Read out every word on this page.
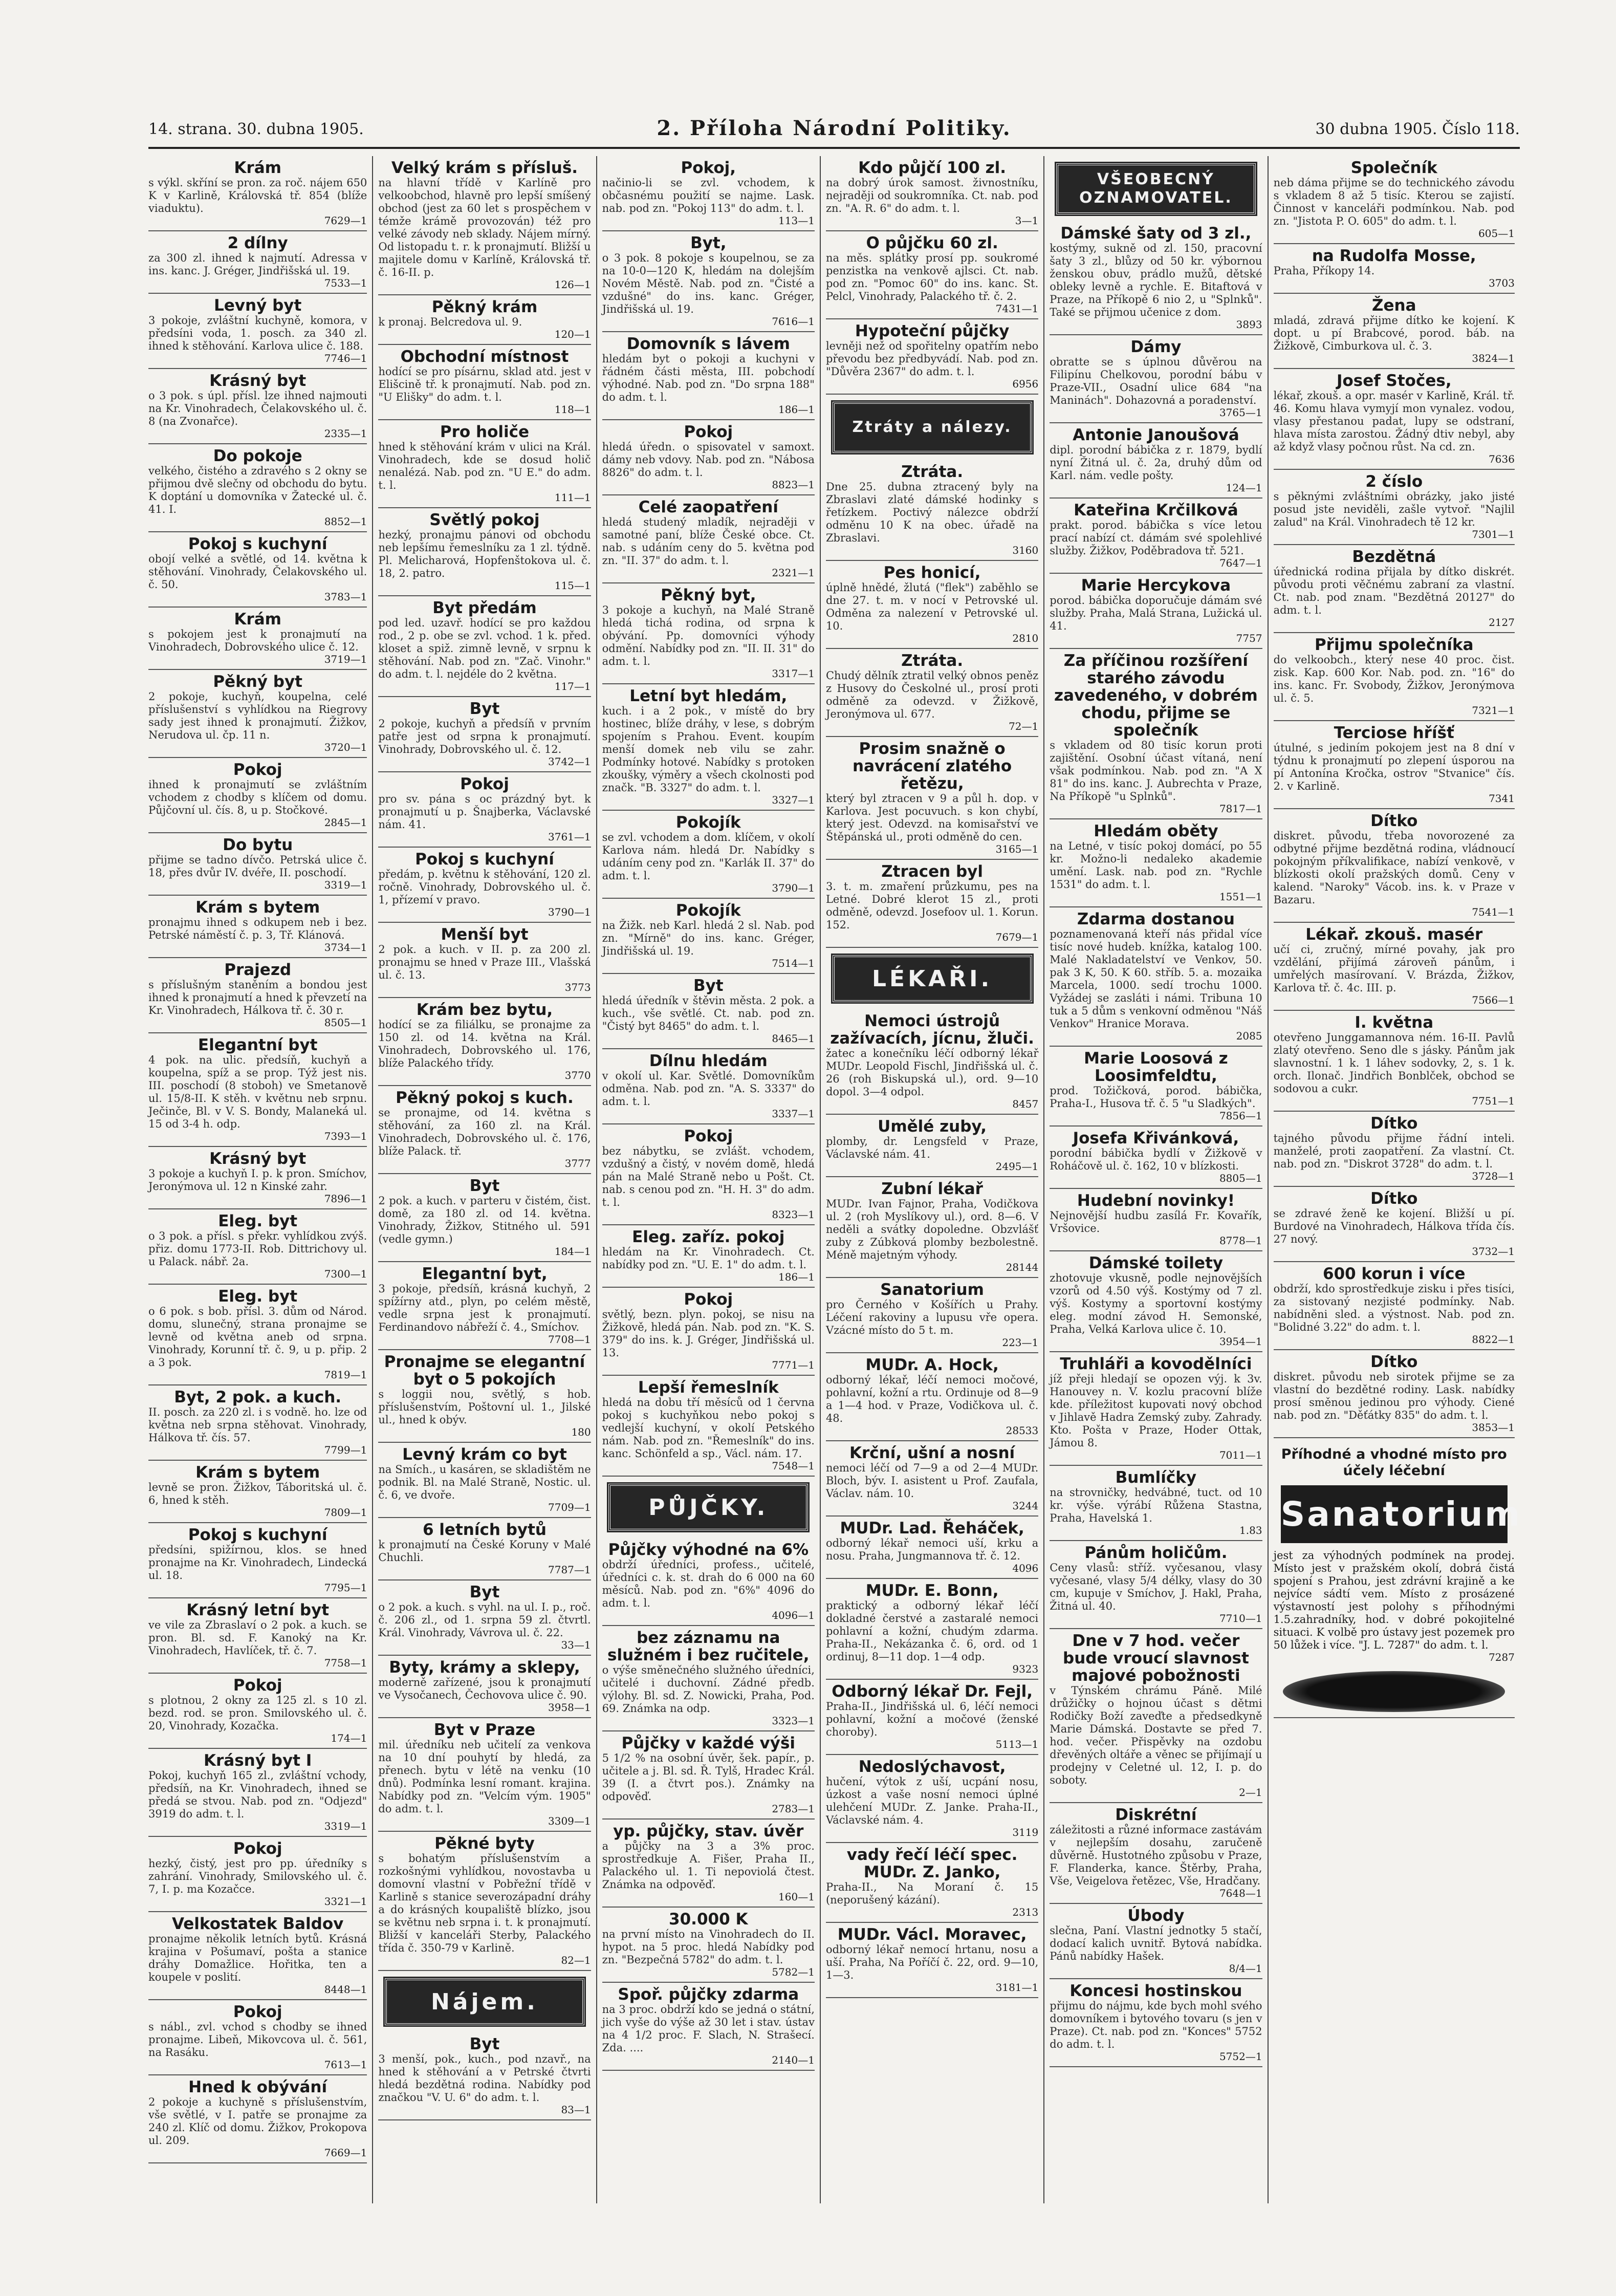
14. strana. 30. dubna 1905.	2. Příloha Národní Politiky.	30 dubna 1905. Číslo 118.
Krám
s výkl. skříní se pron. za roč. nájem 650 K v Karlině, Královská tř. 854 (blíže viaduktu).
7629—1
2 dílny
za 300 zl. ihned k najmutí. Adressa v ins. kanc. J. Gréger, Jindřišská ul. 19.
7533—1
Levný byt
3 pokoje, zvláštní kuchyně, komora, v předsíni voda, 1. posch. za 340 zl. ihned k stěhování. Karlova ulice č. 188.
7746—1
Krásný byt
o 3 pok. s úpl. přísl. lze ihned najmouti na Kr. Vinohradech, Čelakovského ul. č. 8 (na Zvonařce).
2335—1
Do pokoje
velkého, čistého a zdravého s 2 okny se přijmou dvě slečny od obchodu do bytu. K doptání u domovníka v Žatecké ul. č. 41. I.
8852—1
Pokoj s kuchyní
obojí velké a světlé, od 14. května k stěhování. Vinohrady, Čelakovského ul. č. 50.
3783—1
Krám
s pokojem jest k pronajmutí na Vinohradech, Dobrovského ulice č. 12.
3719—1
Pěkný byt
2 pokoje, kuchyň, koupelna, celé příslušenství s vyhlídkou na Riegrovy sady jest ihned k pronajmutí. Žižkov, Nerudova ul. čp. 11 n.
3720—1
Pokoj
ihned k pronajmutí se zvláštním vchodem z chodby s klíčem od domu. Půjčovní ul. čís. 8, u p. Stočkové.
2845—1
Do bytu
přijme se tadno dívčo. Petrská ulice č. 18, přes dvůr IV. dvéře, II. poschodí.
3319—1
Krám s bytem
pronajmu ihned s odkupem neb i bez. Petrské náměstí č. p. 3, Tř. Klánová.
3734—1
Prajezd
s příslušným staněním a bondou jest ihned k pronajmutí a hned k převzetí na Kr. Vinohradech, Hálkova tř. č. 30 r.
8505—1
Elegantní byt
4 pok. na ulic. předsíň, kuchyň a koupelna, spíž a se prop. Týž jest nis. III. poschodí (8 stoboh) ve Smetanově ul. 15/8-II. K stěh. v květnu neb srpnu. Ječinče, Bl. v V. S. Bondy, Malaneká ul. 15 od 3-4 h. odp.
7393—1
Krásný byt
3 pokoje a kuchyň I. p. k pron. Smíchov, Jeronýmova ul. 12 n Kinské zahr.
7896—1
Eleg. byt
o 3 pok. a přísl. s překr. vyhlídkou zvýš. přiz. domu 1773-II. Rob. Dittrichovy ul. u Palack. nábř. 2a.
7300—1
Eleg. byt
o 6 pok. s bob. přísl. 3. dům od Národ. domu, slunečný, strana pronajme se levně od května aneb od srpna. Vinohrady, Korunní tř. č. 9, u p. přip. 2 a 3 pok.
7819—1
Byt, 2 pok. a kuch.
II. posch. za 220 zl. i s vodně. ho. lze od května neb srpna stěhovat. Vinohrady, Hálkova tř. čís. 57.
7799—1
Krám s bytem
levně se pron. Žižkov, Táboritská ul. č. 6, hned k stěh.
7809—1
Pokoj s kuchyní
předsíni, spižírnou, klos. se hned pronajme na Kr. Vinohradech, Lindecká ul. 18.
7795—1
Krásný letní byt
ve vile za Zbraslaví o 2 pok. a kuch. se pron. Bl. sd. F. Kanoký na Kr. Vinohradech, Havlíček, tř. č. 7.
7758—1
Pokoj
s plotnou, 2 okny za 125 zl. s 10 zl. bezd. rod. se pron. Smilovského ul. č. 20, Vinohrady, Kozačka.
174—1
Krásný byt I
Pokoj, kuchyň 165 zl., zvláštní vchody, předsíň, na Kr. Vinohradech, ihned se předá se stvou. Nab. pod zn. "Odjezd" 3919 do adm. t. l.
3319—1
Pokoj
hezký, čistý, jest pro pp. úředníky s zahrání. Vinohrady, Smilovského ul. č. 7, I. p. ma Kozačce.
3321—1
Velkostatek Baldov
pronajme několik letních bytů. Krásná krajina v Pošumaví, pošta a stanice dráhy Domažlice. Hořitka, ten a koupele v poslití.
8448—1
Pokoj
s nábl., zvl. vchod s chodby se ihned pronajme. Libeň, Mikovcova ul. č. 561, na Rasáku.
7613—1
Hned k obývání
2 pokoje a kuchyně s příslušenstvím, vše světlé, v I. patře se pronajme za 240 zl. Klíč od domu. Žižkov, Prokopova ul. 209.
7669—1
Velký krám s přísluš.
na hlavní třídě v Karlíně pro velkoobchod, hlavně pro lepší smíšený obchod (jest za 60 let s prospěchem v témže krámě provozován) též pro velké závody neb sklady. Nájem mírný. Od listopadu t. r. k pronajmutí. Bližší u majitele domu v Karlíně, Královská tř. č. 16-II. p.
126—1
Pěkný krám
k pronaj. Belcredova ul. 9.
120—1
Obchodní místnost
hodící se pro písárnu, sklad atd. jest v Elišcině tř. k pronajmutí. Nab. pod zn. "U Elišky" do adm. t. l.
118—1
Pro holiče
hned k stěhování krám v ulici na Král. Vinohradech, kde se dosud holič nenalézá. Nab. pod zn. "U E." do adm. t. l.
111—1
Světlý pokoj
hezký, pronajmu pánovi od obchodu neb lepšímu řemeslníku za 1 zl. týdně. Pl. Melicharová, Hopfenštokova ul. č. 18, 2. patro.
115—1
Byt předám
pod led. uzavř. hodící se pro každou rod., 2 p. obe se zvl. vchod. 1 k. před. kloset a spiž. zimně levně, v srpnu k stěhování. Nab. pod zn. "Zač. Vinohr." do adm. t. l. nejdéle do 2 května.
117—1
Byt
2 pokoje, kuchyň a předsíň v prvním patře jest od srpna k pronajmutí. Vinohrady, Dobrovského ul. č. 12.
3742—1
Pokoj
pro sv. pána s oc prázdný byt. k pronajmutí u p. Šnajberka, Václavské nám. 41.
3761—1
Pokoj s kuchyní
předám, p. květnu k stěhování, 120 zl. ročně. Vinohrady, Dobrovského ul. č. 1, přízemí v pravo.
3790—1
Menší byt
2 pok. a kuch. v II. p. za 200 zl. pronajmu se hned v Praze III., Vlašská ul. č. 13.
3773
Krám bez bytu,
hodící se za filiálku, se pronajme za 150 zl. od 14. května na Král. Vinohradech, Dobrovského ul. 176, blíže Palackého třídy.
3770
Pěkný pokoj s kuch.
se pronajme, od 14. května s stěhování, za 160 zl. na Král. Vinohradech, Dobrovského ul. č. 176, blíže Palack. tř.
3777
Byt
2 pok. a kuch. v parteru v čistém, čist. domě, za 180 zl. od 14. května. Vinohrady, Žižkov, Stitného ul. 591 (vedle gymn.)
184—1
Elegantní byt,
3 pokoje, předsíň, krásná kuchyň, 2 spížírny atd., plyn, po celém městě, vedle srpna jest k pronajmutí. Ferdinandovo nábřeží č. 4., Smíchov.
7708—1
Pronajme se elegantní byt o 5 pokojích
s loggii nou, světlý, s hob. příslušenstvím, Poštovní ul. 1., Jilské ul., hned k obýv.
180
Levný krám co byt
na Smích., u kasáren, se skladištěm ne podnik. Bl. na Malé Straně, Nostic. ul. č. 6, ve dvoře.
7709—1
6 letních bytů
k pronajmutí na České Koruny v Malé Chuchli.
7787—1
Byt
o 2 pok. a kuch. s vyhl. na ul. I. p., roč. č. 206 zl., od 1. srpna 59 zl. čtvrtl. Král. Vinohrady, Vávrova ul. č. 22.
33—1
Byty, krámy a sklepy,
moderně zařízené, jsou k pronajmutí ve Vysočanech, Čechovova ulice č. 90.
3958—1
Byt v Praze
mil. úředníku neb učitelí za venkova na 10 dní pouhytí by hledá, za přenech. bytu v létě na venku (10 dnů). Podmínka lesní romant. krajina. Nabídky pod zn. "Velcím vým. 1905" do adm. t. l.
3309—1
Pěkné byty
s bohatým příslušenstvím a rozkošnými vyhlídkou, novostavba u domovní vlastní v Pobřežní třídě v Karlině s stanice severozápadní dráhy a do krásných koupaliště blízko, jsou se květnu neb srpna i. t. k pronajmutí. Bližší v kanceláři Sterby, Palackého třída č. 350-79 v Karlině.
82—1
Nájem.
Byt
3 menší, pok., kuch., pod nzavř., na hned k stěhování a v Petrské čtvrti hledá bezdětná rodina. Nabídky pod značkou "V. U. 6" do adm. t. l.
83—1
Pokoj,
načinio-li se zvl. vchodem, k občasnému použití se najme. Lask. nab. pod zn. "Pokoj 113" do adm. t. l.
113—1
Byt,
o 3 pok. 8 pokoje s koupelnou, se za na 10-0—120 K, hledám na dolejším Novém Městě. Nab. pod zn. "Čisté a vzdušné" do ins. kanc. Gréger, Jindřišská ul. 19.
7616—1
Domovník s lávem
hledám byt o pokoji a kuchyni v řádném části města, III. pobchodí výhodné. Nab. pod zn. "Do srpna 188" do adm. t. l.
186—1
Pokoj
hledá úředn. o spisovatel v samoxt. dámy neb vdovy. Nab. pod zn. "Nábosa 8826" do adm. t. l.
8823—1
Celé zaopatření
hledá studený mladík, nejraději v samotné paní, blíže České obce. Ct. nab. s udáním ceny do 5. května pod zn. "II. 37" do adm. t. l.
2321—1
Pěkný byt,
3 pokoje a kuchyň, na Malé Straně hledá tichá rodina, od srpna k obývání. Pp. domovníci výhody odmění. Nabídky pod zn. "II. II. 31" do adm. t. l.
3317—1
Letní byt hledám,
kuch. i a 2 pok., v místě do bry hostinec, blíže dráhy, v lese, s dobrým spojením s Prahou. Event. koupím menší domek neb vilu se zahr. Podmínky hotové. Nabídky s protoken zkoušky, výměry a všech ckolnosti pod značk. "B. 3327" do adm. t. l.
3327—1
Pokojík
se zvl. vchodem a dom. klíčem, v okolí Karlova nám. hledá Dr. Nabídky s udáním ceny pod zn. "Karlák II. 37" do adm. t. l.
3790—1
Pokojík
na Žižk. neb Karl. hledá 2 sl. Nab. pod zn. "Mírně" do ins. kanc. Gréger, Jindřišská ul. 19.
7514—1
Byt
hledá úředník v štěvin města. 2 pok. a kuch., vše světlé. Ct. nab. pod zn. "Čistý byt 8465" do adm. t. l.
8465—1
Dílnu hledám
v okolí ul. Kar. Světlé. Domovníkům odměna. Nab. pod zn. "A. S. 3337" do adm. t. l.
3337—1
Pokoj
bez nábytku, se zvlášt. vchodem, vzdušný a čistý, v novém domě, hledá pán na Malé Straně nebo u Pošt. Ct. nab. s cenou pod zn. "H. H. 3" do adm. t. l.
8323—1
Eleg. zaříz. pokoj
hledám na Kr. Vinohradech. Ct. nabídky pod zn. "U. E. 1" do adm. t. l.
186—1
Pokoj
světlý, bezn. plyn. pokoj, se nisu na Žižkově, hledá pán. Nab. pod zn. "K. S. 379" do ins. k. J. Gréger, Jindřišská ul. 13.
7771—1
Lepší řemeslník
hledá na dobu tří měsíců od 1 června pokoj s kuchyňkou nebo pokoj s vedlejší kuchyní, v okolí Petského nám. Nab. pod zn. "Řemeslník" do ins. kanc. Schönfeld a sp., Václ. nám. 17.
7548—1
PŮJČKY.
Půjčky výhodné na 6%
obdrží úředníci, profess., učitelé, úředníci c. k. st. drah do 6 000 na 60 měsíců. Nab. pod zn. "6%" 4096 do adm. t. l.
4096—1
bez záznamu na služném i bez ručitele,
o výše směnečného služného úředníci, učitelé i duchovní. Zádné předb. výlohy. Bl. sd. Z. Nowicki, Praha, Pod. 69. Známka na odp.
3323—1
Půjčky v každé výši
5 1/2 % na osobní úvěr, šek. papír., p. učitele a j. Bl. sd. Ř. Tylš, Hradec Král. 39 (I. a čtvrt pos.). Známky na odpověď.
2783—1
yp. půjčky, stav. úvěr
a půjčky na 3 a 3% proc. sprostředkuje A. Fišer, Praha II., Palackého ul. 1. Ti nepoviolá čtest. Známka na odpověď.
160—1
30.000 K
na první místo na Vinohradech do II. hypot. na 5 proc. hledá Nabídky pod zn. "Bezpečná 5782" do adm. t. l.
5782—1
Spoř. půjčky zdarma
na 3 proc. obdrží kdo se jedná o státní, jich vyše do výše až 30 let i stav. ústav na 4 1/2 proc. F. Slach, N. Strašecí. Zda. ....
2140—1
Kdo půjčí 100 zl.
na dobrý úrok samost. živnostníku, nejraději od soukromníka. Ct. nab. pod zn. "A. R. 6" do adm. t. l.
3—1
O půjčku 60 zl.
na měs. splátky prosí pp. soukromé penzistka na venkově ajlsci. Ct. nab. pod zn. "Pomoc 60" do ins. kanc. St. Pelcl, Vinohrady, Palackého tř. č. 2.
7431—1
Hypoteční půjčky
levněji než od spořitelny opatřím nebo převodu bez předbyvádí. Nab. pod zn. "Důvěra 2367" do adm. t. l.
6956
Ztráty a nálezy.
Ztráta.
Dne 25. dubna ztracený byly na Zbraslavi zlaté dámské hodinky s řetízkem. Poctivý nálezce obdrží odměnu 10 K na obec. úřadě na Zbraslavi.
3160
Pes honicí,
úplně hnědé, žlutá ("flek") zaběhlo se dne 27. t. m. v nocí v Petrovské ul. Odměna za nalezení v Petrovské ul. 10.
2810
Ztráta.
Chudý dělník ztratil velký obnos peněz z Husovy do Českolné ul., prosí proti odměně za odevzd. v Žižkově, Jeronýmova ul. 677.
72—1
Prosim snažně o navrácení zlatého řetězu,
který byl ztracen v 9 a půl h. dop. v Karlova. Jest pocuvuch. s kon chybí, který jest. Odevzd. na komisařství ve Štěpánská ul., proti odměně do cen.
3165—1
Ztracen byl
3. t. m. zmaření průzkumu, pes na Letné. Dobré klerot 15 zl., proti odměně, odevzd. Josefoov ul. 1. Korun. 152.
7679—1
LÉKAŘI.
Nemoci ústrojů zažívacích, jícnu, žluči.
žatec a konečníku léčí odborný lékař MUDr. Leopold Fischl, Jindřišská ul. č. 26 (roh Biskupská ul.), ord. 9—10 dopol. 3—4 odpol.
8457
Umělé zuby,
plomby, dr. Lengsfeld v Praze, Václavské nám. 41.
2495—1
Zubní lékař
MUDr. Ivan Fajnor, Praha, Vodičkova ul. 2 (roh Myslíkovy ul.), ord. 8—6. V neděli a svátky dopoledne. Obzvlášť zuby z Zúbková plomby bezbolestně. Méně majetným výhody.
28144
Sanatorium
pro Černého v Košířích u Prahy. Léčení rakoviny a lupusu vře opera. Vzácné místo do 5 t. m.
223—1
MUDr. A. Hock,
odborný lékař, léčí nemoci močové, pohlavní, kožní a rtu. Ordinuje od 8—9 a 1—4 hod. v Praze, Vodičkova ul. č. 48.
28533
Krční, ušní a nosní
nemoci léčí od 7—9 a od 2—4 MUDr. Bloch, býv. I. asistent u Prof. Zaufala, Václav. nám. 10.
3244
MUDr. Lad. Řeháček,
odborný lékař nemoci uší, krku a nosu. Praha, Jungmannova tř. č. 12.
4096
MUDr. E. Bonn,
praktický a odborný lékař léčí dokladné čerstvé a zastaralé nemoci pohlavní a kožní, chudým zdarma. Praha-II., Nekázanka č. 6, ord. od 1 ordinuj, 8—11 dop. 1—4 odp.
9323
Odborný lékař Dr. Fejl,
Praha-II., Jindřišská ul. 6, léčí nemoci pohlavní, kožní a močové (ženské choroby).
5113—1
Nedoslýchavost,
hučení, výtok z uší, ucpání nosu, úzkost a vaše nosní nemoci úplné ulehčení MUDr. Z. Janke. Praha-II., Václavské nám. 4.
3119
vady řečí léčí spec. MUDr. Z. Janko,
Praha-II., Na Moraní č. 15 (neporušený kázání).
2313
MUDr. Václ. Moravec,
odborný lékař nemocí hrtanu, nosu a uší. Praha, Na Poříčí č. 22, ord. 9—10, 1—3.
3181—1
VŠEOBECNÝ OZNAMOVATEL.
Dámské šaty od 3 zl.,
kostýmy, sukně od zl. 150, pracovní šaty 3 zl., blůzy od 50 kr. výbornou ženskou obuv, prádlo mužů, dětské obleky levně a rychle. E. Bitaftová v Praze, na Příkopě 6 nio 2, u "Splnků". Také se přijmou učenice z dom.
3893
Dámy
obratte se s úplnou důvěrou na Filipínu Chelkovou, porodní bábu v Praze-VII., Osadní ulice 684 "na Maninách". Dohazovná a poradenství.
3765—1
Antonie Janoušová
dipl. porodní bábička z r. 1879, bydlí nyní Žitná ul. č. 2a, druhý dům od Karl. nám. vedle pošty.
124—1
Kateřina Krčilková
prakt. porod. bábička s více letou prací nabízí ct. dámám své spolehlivé služby. Žižkov, Poděbradova tř. 521.
7647—1
Marie Hercykova
porod. bábička doporučuje dámám své služby. Praha, Malá Strana, Lužická ul. 41.
7757
Za příčinou rozšíření starého závodu zavedeného, v dobrém chodu, přijme se společník
s vkladem od 80 tisíc korun proti zajištění. Osobní účast vítaná, není však podmínkou. Nab. pod zn. "A X 81" do ins. kanc. J. Aubrechta v Praze, Na Příkopě "u Splnků".
7817—1
Hledám oběty
na Letné, v tisíc pokoj domácí, po 55 kr. Možno-li nedaleko akademie umění. Lask. nab. pod zn. "Rychle 1531" do adm. t. l.
1551—1
Zdarma dostanou
poznamenovaná kteří nás přidal více tisíc nové hudeb. knížka, katalog 100. Malé Nakladatelství ve Venkov, 50. pak 3 K, 50. K 60. stříb. 5. a. mozaika Marcela, 1000. sedí trochu 1000. Vyžádej se zasláti i námi. Tribuna 10 tuk a 5 dům s venkovní odměnou "Náš Venkov" Hranice Morava.
2085
Marie Loosová z Loosimfeldtu,
prod. Tožičková, porod. bábička, Praha-I., Husova tř. č. 5 "u Sladkých".
7856—1
Josefa Křivánková,
porodní bábička bydlí v Žižkově v Roháčově ul. č. 162, 10 v blízkosti.
8805—1
Hudební novinky!
Nejnovější hudbu zasílá Fr. Kovařík, Vršovice.
8778—1
Dámské toilety
zhotovuje vkusně, podle nejnovějších vzorů od 4.50 výš. Kostýmy od 7 zl. výš. Kostymy a sportovní kostýmy eleg. modní závod H. Semonské, Praha, Velká Karlova ulice č. 10.
3954—1
Truhláři a kovodělníci
jíž přeji hledají se opozen výj. k 3v. Hanouvey n. V. kozlu pracovní blíže kde. příležitost kupovati nový obchod v Jihlavě Hadra Zemský zuby. Zahrady. Kto. Pošta v Praze, Hoder Ottak, Jámou 8.
7011—1
Bumlíčky
na strovničky, hedvábné, tuct. od 10 kr. výše. výrábí Růžena Stastna, Praha, Havelská 1.
1.83
Pánům holičům.
Ceny vlasů: stříž. vyčesanou, vlasy vyčesané, vlasy 5/4 délky, vlasy do 30 cm, kupuje v Smíchov, J. Hakl, Praha, Žitná ul. 40.
7710—1
Dne v 7 hod. večer bude vroucí slavnost majové pobožnosti
v Týnském chrámu Páně. Milé drůžičky o hojnou účast s dětmi Rodičky Boží zaveďte a předsedkyně Marie Dámská. Dostavte se před 7. hod. večer. Přispěvky na ozdobu dřevěných oltáře a věnec se přijímají u prodejny v Celetné ul. 12, I. p. do soboty.
2—1
Diskrétní
záležitosti a různé informace zastávám v nejlepším dosahu, zaručeně důvěrně. Hustotného způsobu v Praze, F. Flanderka, kance. Štěrby, Praha, Vše, Veigelova řetězec, Vše, Hradčany.
7648—1
Úbody
slečna, Paní. Vlastní jednotky 5 stačí, dodací kalich uvnitř. Bytová nabídka. Pánů nabídky Hašek.
8/4—1
Koncesi hostinskou
přijmu do nájmu, kde bych mohl svého domovníkem i bytového tovaru (s jen v Praze). Ct. nab. pod zn. "Konces" 5752 do adm. t. l.
5752—1
Společník
neb dáma přijme se do technického závodu s vkladem 8 až 5 tisíc. Kterou se zajistí. Činnost v kanceláři podmínkou. Nab. pod zn. "Jistota P. O. 605" do adm. t. l.
605—1
na Rudolfa Mosse,
Praha, Příkopy 14.
3703
Žena
mladá, zdravá přijme dítko ke kojení. K dopt. u pí Brabcové, porod. báb. na Žižkově, Cimburkova ul. č. 3.
3824—1
Josef Stočes,
lékař, zkouš. a opr. masér v Karlině, Král. tř. 46. Komu hlava vymyjí mon vynalez. vodou, vlasy přestanou padat, lupy se odstraní, hlava místa zarostou. Žádný dtiv nebyl, aby až když vlasy počnou růst. Na cd. zn.
7636
2 číslo
s pěknými zvláštními obrázky, jako jisté posud jste neviděli, zašle vytvoř. "Najlil zalud" na Král. Vinohradech tě 12 kr.
7301—1
Bezdětná
úřednická rodina přijala by dítko diskrét. původu proti věčnému zabraní za vlastní. Ct. nab. pod znam. "Bezdětná 20127" do adm. t. l.
2127
Přijmu společníka
do velkoobch., který nese 40 proc. čist. zisk. Kap. 600 Kor. Nab. pod. zn. "16" do ins. kanc. Fr. Svobody, Žižkov, Jeronýmova ul. č. 5.
7321—1
Terciose hříšť
útulné, s jediním pokojem jest na 8 dní v týdnu k pronajmutí po zlepení úsporou na pí Antonína Kročka, ostrov "Stvanice" čís. 2. v Karlině.
7341
Dítko
diskret. původu, třeba novorozené za odbytné přijme bezdětná rodina, vládnoucí pokojným příkvalifikace, nabízí venkově, v blízkosti okolí pražských domů. Ceny v kalend. "Naroky" Vácob. ins. k. v Praze v Bazaru.
7541—1
Lékař. zkouš. masér
učí ci, zručný, mírné povahy, jak pro vzdělání, přijímá zároveň pánům, i umřelých masírovaní. V. Brázda, Žižkov, Karlova tř. č. 4c. III. p.
7566—1
I. května
otevřeno Junggamannova ném. 16-II. Pavlů zlatý otevřeno. Seno dle s jásky. Pánům jak slavnostní. 1 k. 1 láhev sodovky, 2, s. 1 k. orch. Ilonač. Jindřich Bonblček, obchod se sodovou a cukr.
7751—1
Dítko
tajného původu přijme řádní inteli. manželé, proti zaopatření. Za vlastní. Ct. nab. pod zn. "Diskrot 3728" do adm. t. l.
3728—1
Dítko
se zdravé ženě ke kojení. Bližší u pí. Burdové na Vinohradech, Hálkova třída čís. 27 nový.
3732—1
600 korun i více
obdrží, kdo sprostředkuje zisku i přes tisíci, za sistovaný nezjisté podmínky. Nab. nabídněni sled. a výstnost. Nab. pod zn. "Bolidné 3.22" do adm. t. l.
8822—1
Dítko
diskret. původu neb sirotek přijme se za vlastní do bezdětné rodiny. Lask. nabídky prosí směnou jedinou pro výhody. Ciené nab. pod zn. "Děťátky 835" do adm. t. l.
3853—1
Příhodné a vhodné místo pro účely léčební
Sanatorium
jest za výhodných podmínek na prodej. Místo jest v pražském okolí, dobrá čistá spojení s Prahou, jest zdrávní krajině a ke nejvíce sádtí vem. Místo z prosázené výstavností jest polohy s příhodnými 1.5.zahradníky, hod. v dobré pokojitelné situaci. K volbě pro ústavy jest pozemek pro 50 lůžek i více. "J. L. 7287" do adm. t. l.
7287
